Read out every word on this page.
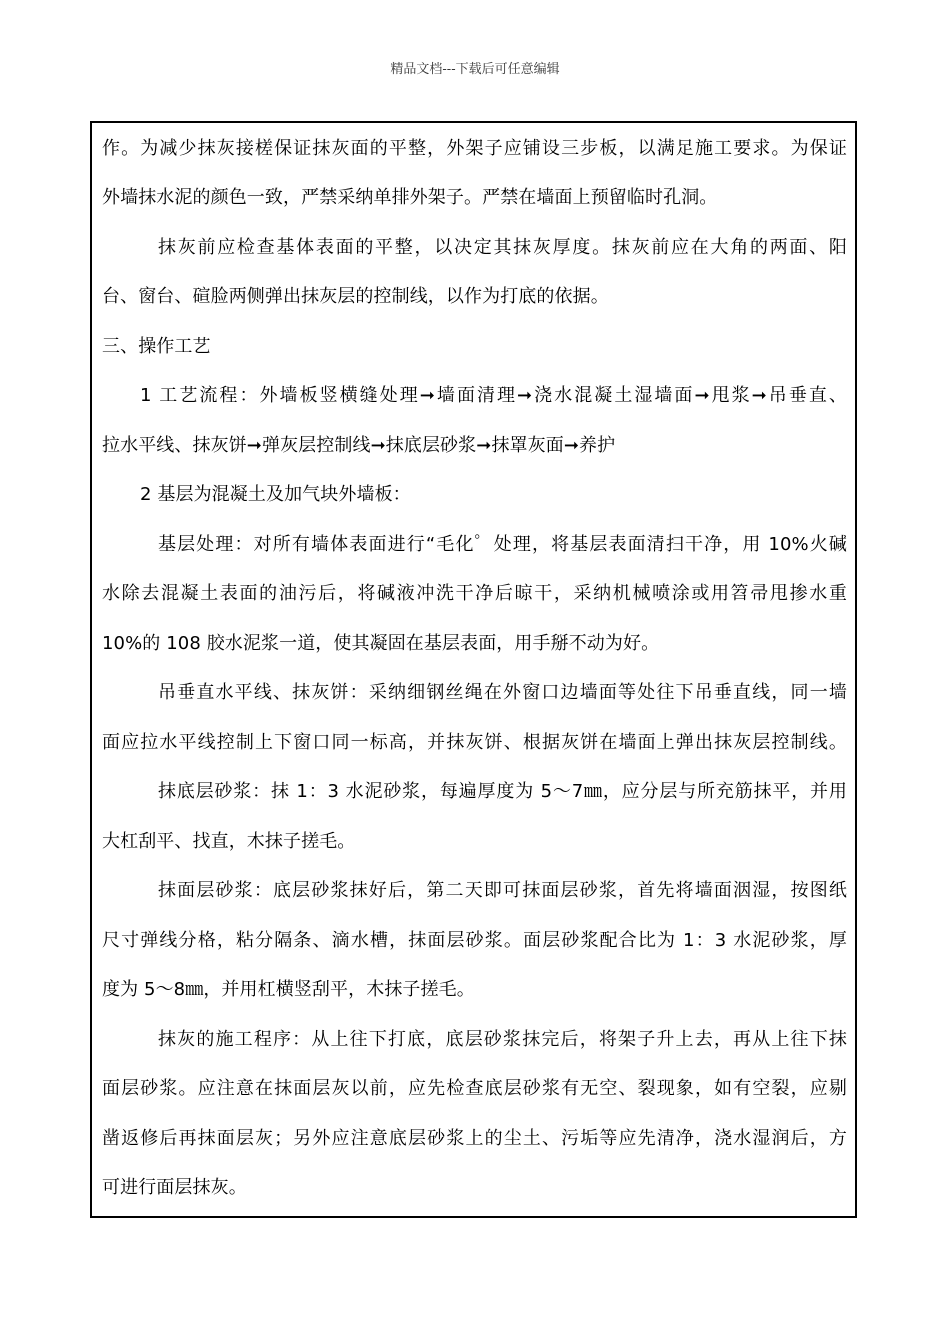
精品文档---下载后可任意编辑
作。为减少抹灰接槎保证抹灰面的平整，外架子应铺设三步板，以满足施工要求。为保证
外墙抹水泥的颜色一致，严禁采纳单排外架子。严禁在墙面上预留临时孔洞。
抹灰前应检查基体表面的平整，以决定其抹灰厚度。抹灰前应在大角的两面、阳
台、窗台、碹脸两侧弹出抹灰层的控制线，以作为打底的依据。
三、操作工艺
1 工艺流程：外墙板竖横缝处理➞墙面清理➞浇水混凝土湿墙面➞甩浆➞吊垂直、
拉水平线、抹灰饼➞弹灰层控制线➞抹底层砂浆➞抹罩灰面➞养护
2 基层为混凝土及加气块外墙板：
基层处理：对所有墙体表面进行“毛化゜处理，将基层表面清扫干净，用 10%火碱
水除去混凝土表面的油污后，将碱液冲洗干净后晾干，采纳机械喷涂或用笤帚甩掺水重
10%的 108 胶水泥浆一道，使其凝固在基层表面，用手掰不动为好。
吊垂直水平线、抹灰饼：采纳细钢丝绳在外窗口边墙面等处往下吊垂直线，同一墙
面应拉水平线控制上下窗口同一标高，并抹灰饼、根据灰饼在墙面上弹出抹灰层控制线。
抹底层砂浆：抹 1：3 水泥砂浆，每遍厚度为 5～7㎜，应分层与所充筋抹平，并用
大杠刮平、找直，木抹子搓毛。
抹面层砂浆：底层砂浆抹好后，第二天即可抹面层砂浆，首先将墙面洇湿，按图纸
尺寸弹线分格，粘分隔条、滴水槽，抹面层砂浆。面层砂浆配合比为 1：3 水泥砂浆，厚
度为 5～8㎜，并用杠横竖刮平，木抹子搓毛。
抹灰的施工程序：从上往下打底，底层砂浆抹完后，将架子升上去，再从上往下抹
面层砂浆。应注意在抹面层灰以前，应先检查底层砂浆有无空、裂现象，如有空裂，应剔
凿返修后再抹面层灰；另外应注意底层砂浆上的尘土、污垢等应先清净，浇水湿润后，方
可进行面层抹灰。
